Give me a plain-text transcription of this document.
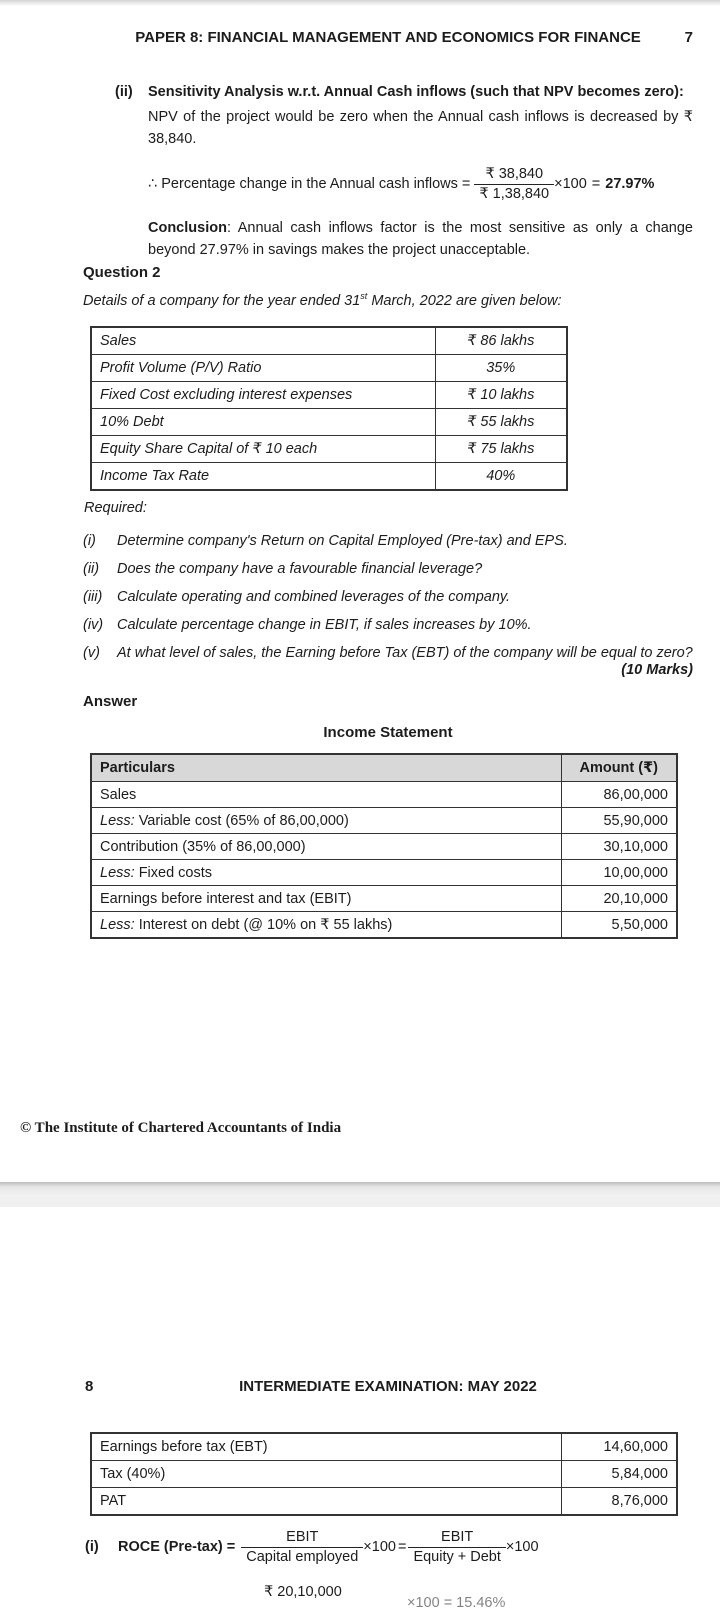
PAPER 8: FINANCIAL MANAGEMENT AND ECONOMICS FOR FINANCE	7
(ii)	Sensitivity Analysis w.r.t. Annual Cash inflows (such that NPV becomes zero):
NPV of the project would be zero when the Annual cash inflows is decreased by ₹ 38,840.
∴ Percentage change in the Annual cash inflows = $\frac{₹ 38,840}{₹ 1,38,840} \times 100 = 27.97\%$
Conclusion: Annual cash inflows factor is the most sensitive as only a change beyond 27.97% in savings makes the project unacceptable.
Question 2
Details of a company for the year ended 31st March, 2022 are given below:
Sales	₹ 86 lakhs
Profit Volume (P/V) Ratio	35%
Fixed Cost excluding interest expenses	₹ 10 lakhs
10% Debt	₹ 55 lakhs
Equity Share Capital of ₹ 10 each	₹ 75 lakhs
Income Tax Rate	40%
Required:
(i)	Determine company's Return on Capital Employed (Pre-tax) and EPS.
(ii)	Does the company have a favourable financial leverage?
(iii)	Calculate operating and combined leverages of the company.
(iv) Calculate percentage change in EBIT, if sales increases by 10%.
(v)	At what level of sales, the Earning before Tax (EBT) of the company will be equal to zero?
(10 Marks)
Answer
Income Statement
Particulars	Amount (₹)
Sales	86,00,000
Less: Variable cost (65% of 86,00,000)	55,90,000
Contribution (35% of 86,00,000)	30,10,000
Less: Fixed costs	10,00,000
Earnings before interest and tax (EBIT)	20,10,000
Less: Interest on debt (@ 10% on ₹ 55 lakhs)	5,50,000
© The Institute of Chartered Accountants of India
8	INTERMEDIATE EXAMINATION: MAY 2022
Earnings before tax (EBT)	14,60,000
Tax (40%)	5,84,000
PAT	8,76,000
(i)	ROCE $(Pre-tax) = \frac{\text{EBIT}}{\text{Capital employed}} \times 100 = \frac{\text{EBIT}}{\text{Equity + Debt}} \times 100$
₹ 20,10,000
×100 = 15.46%
